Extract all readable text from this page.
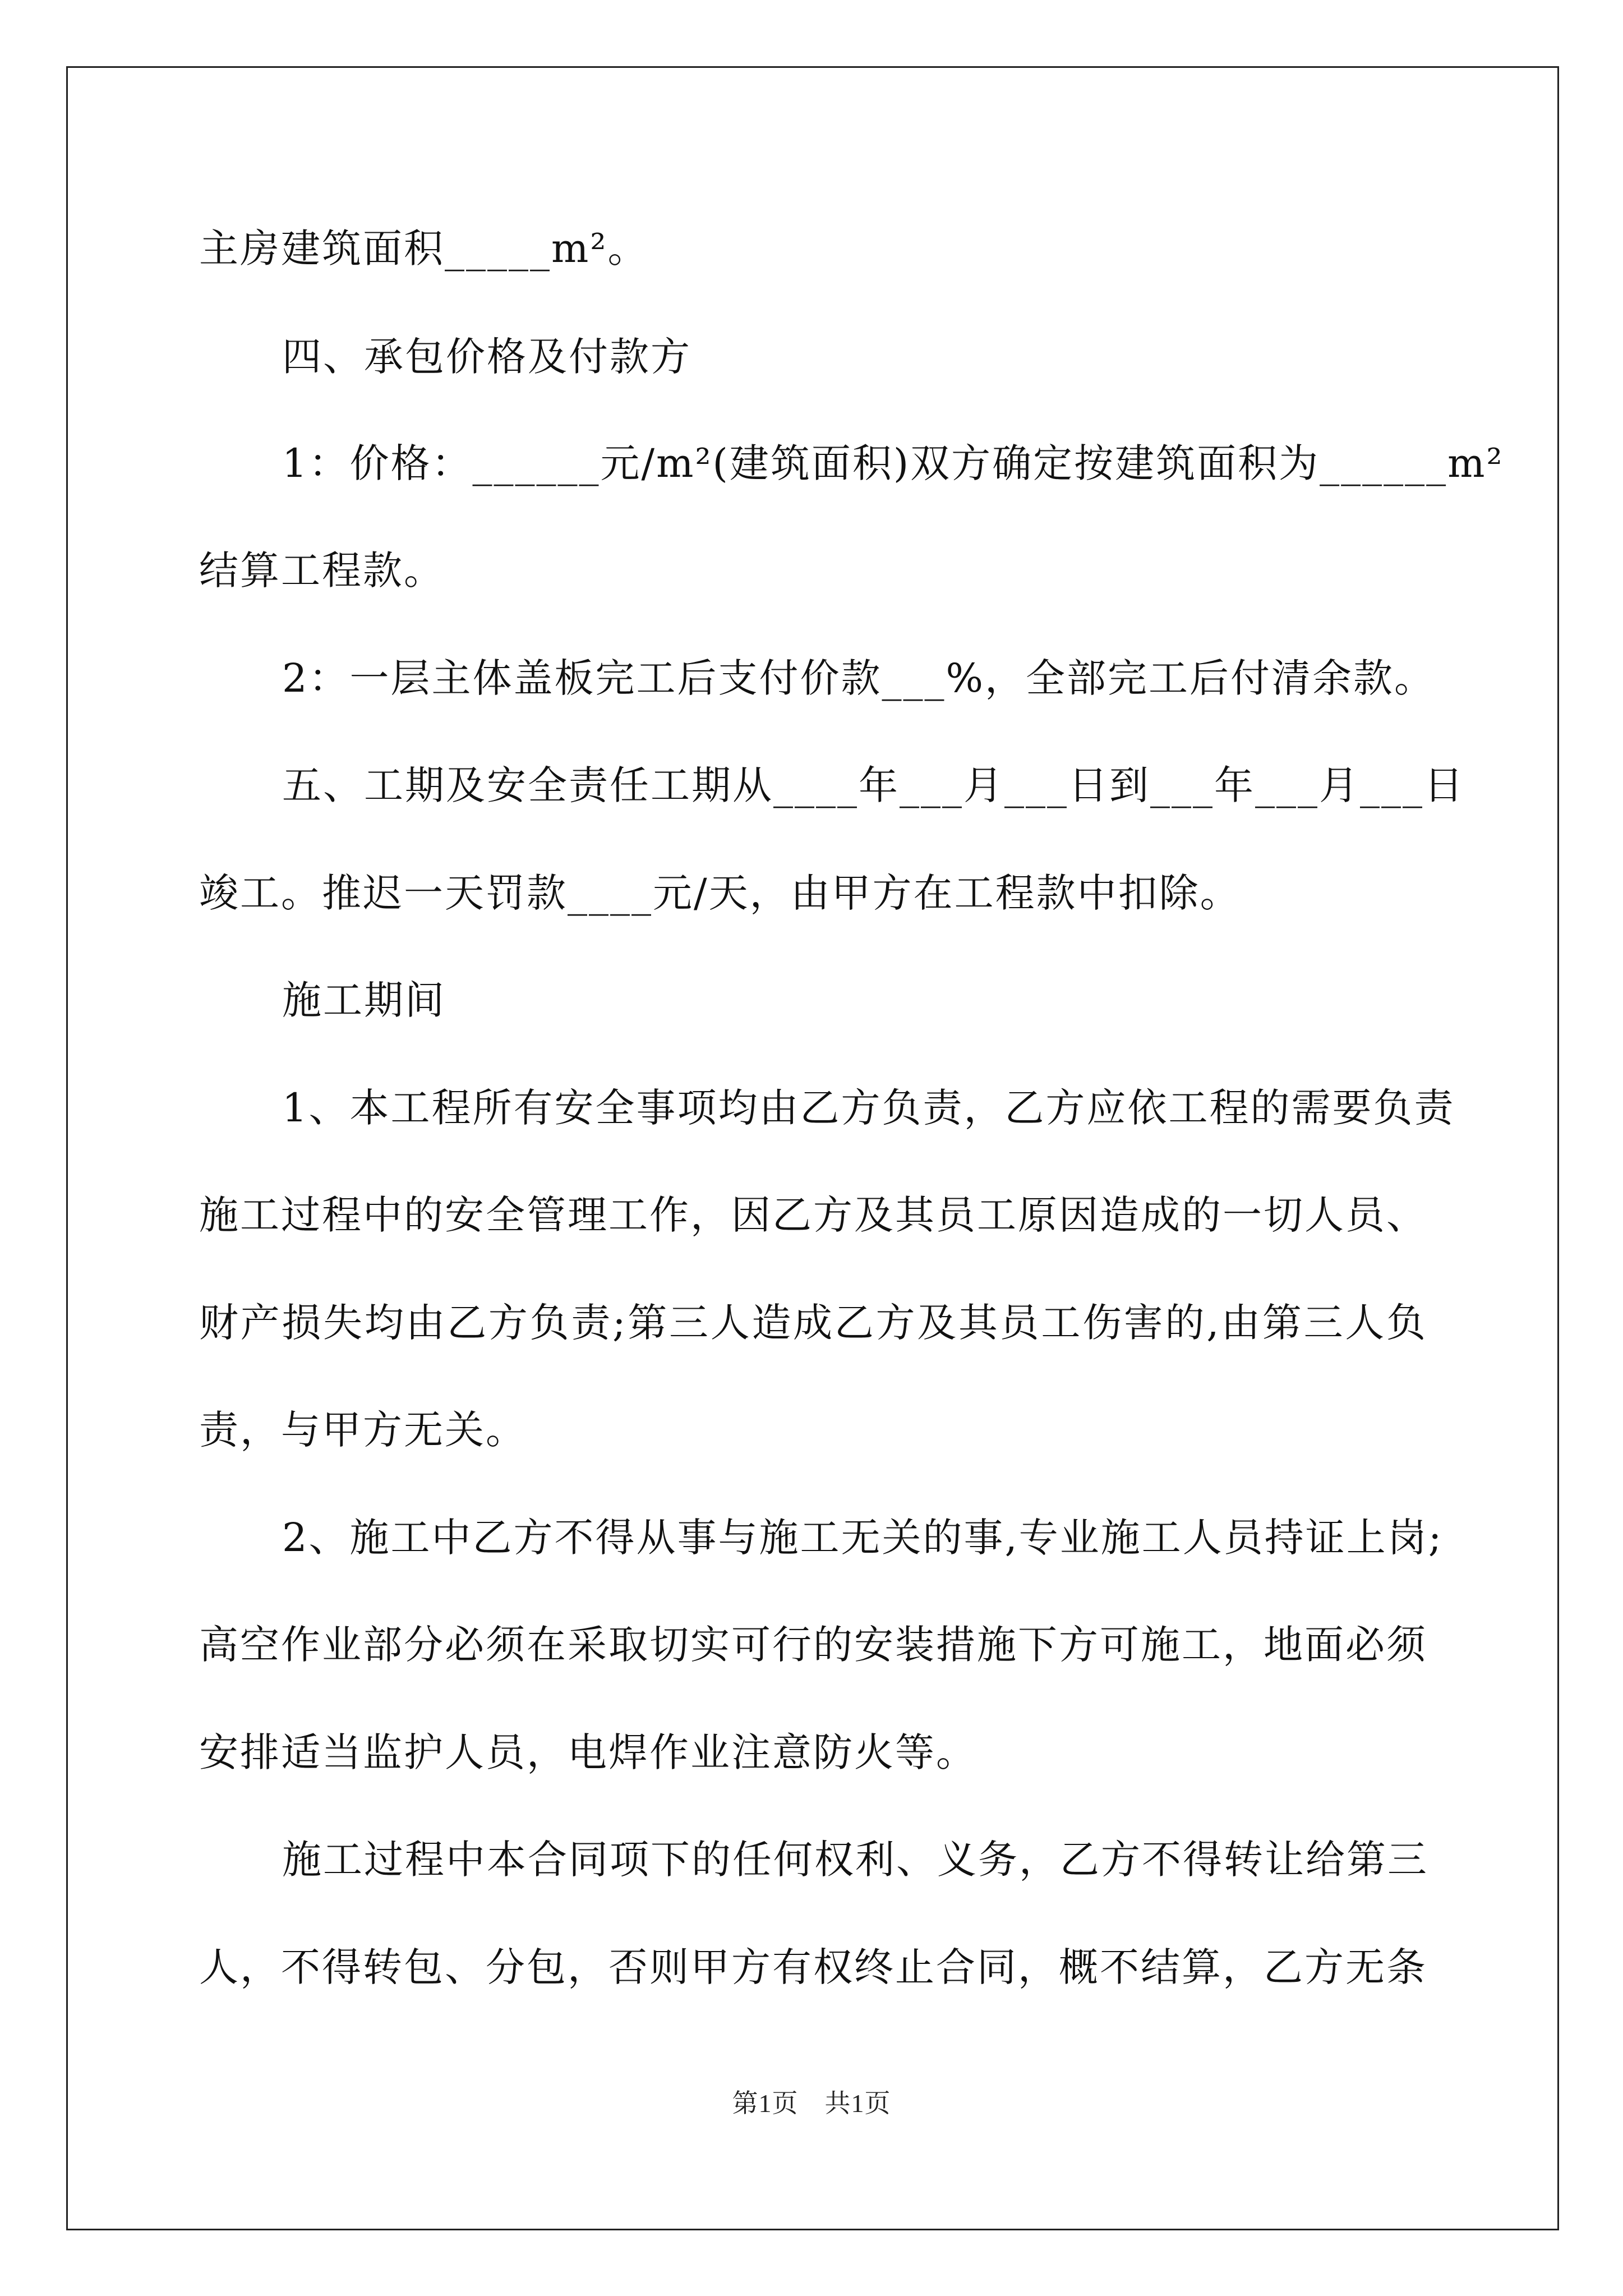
主房建筑面积_____m²。
四、承包价格及付款方
1：价格：______元/m²(建筑面积)双方确定按建筑面积为______m²
结算工程款。
2：一层主体盖板完工后支付价款___%，全部完工后付清余款。
五、工期及安全责任工期从____年___月___日到___年___月___日
竣工。推迟一天罚款____元/天，由甲方在工程款中扣除。
施工期间
1、本工程所有安全事项均由乙方负责，乙方应依工程的需要负责
施工过程中的安全管理工作，因乙方及其员工原因造成的一切人员、
财产损失均由乙方负责;第三人造成乙方及其员工伤害的,由第三人负
责，与甲方无关。
2、施工中乙方不得从事与施工无关的事,专业施工人员持证上岗;
高空作业部分必须在采取切实可行的安装措施下方可施工，地面必须
安排适当监护人员，电焊作业注意防火等。
施工过程中本合同项下的任何权利、义务，乙方不得转让给第三
人，不得转包、分包，否则甲方有权终止合同，概不结算，乙方无条
第1页　共1页
